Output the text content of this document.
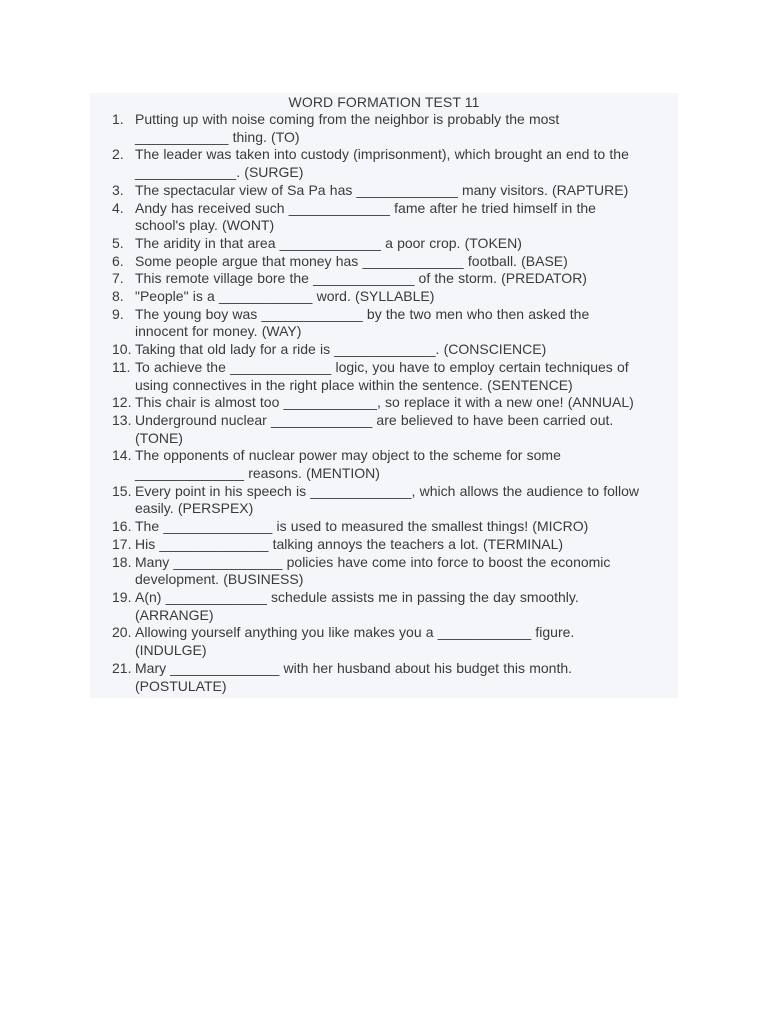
WORD FORMATION TEST 11
1. Putting up with noise coming from the neighbor is probably the most
____________ thing. (TO)
2. The leader was taken into custody (imprisonment), which brought an end to the
_____________. (SURGE)
3. The spectacular view of Sa Pa has _____________ many visitors. (RAPTURE)
4. Andy has received such _____________ fame after he tried himself in the
school's play. (WONT)
5. The aridity in that area _____________ a poor crop. (TOKEN)
6. Some people argue that money has _____________ football. (BASE)
7. This remote village bore the _____________ of the storm. (PREDATOR)
8. "People" is a ____________ word. (SYLLABLE)
9. The young boy was _____________ by the two men who then asked the
innocent for money. (WAY)
10. Taking that old lady for a ride is _____________. (CONSCIENCE)
11. To achieve the _____________ logic, you have to employ certain techniques of
using connectives in the right place within the sentence. (SENTENCE)
12. This chair is almost too ____________, so replace it with a new one! (ANNUAL)
13. Underground nuclear _____________ are believed to have been carried out.
(TONE)
14. The opponents of nuclear power may object to the scheme for some
______________ reasons. (MENTION)
15. Every point in his speech is _____________, which allows the audience to follow
easily. (PERSPEX)
16. The ______________ is used to measured the smallest things! (MICRO)
17. His ______________ talking annoys the teachers a lot. (TERMINAL)
18. Many ______________ policies have come into force to boost the economic
development. (BUSINESS)
19. A(n) _____________ schedule assists me in passing the day smoothly.
(ARRANGE)
20. Allowing yourself anything you like makes you a ____________ figure.
(INDULGE)
21. Mary ______________ with her husband about his budget this month.
(POSTULATE)
